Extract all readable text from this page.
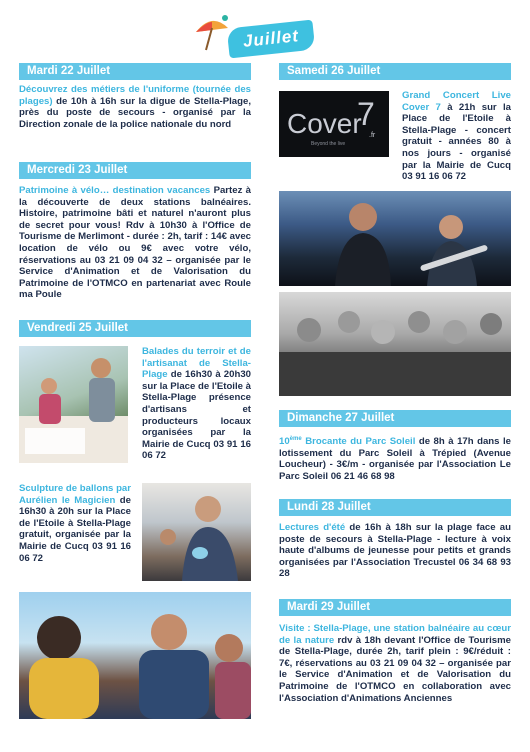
Juillet
Mardi 22 Juillet
Découvrez des métiers de l'uniforme (tournée des plages) de 10h à 16h sur la digue de Stella-Plage, près du poste de secours - organisé par la Direction zonale de la police nationale du nord
Mercredi 23 Juillet
Patrimoine à vélo… destination vacances Partez à la découverte de deux stations balnéaires. Histoire, patrimoine bâti et naturel n'auront plus de secret pour vous! Rdv à 10h30 à l'Office de Tourisme de Merlimont - durée : 2h, tarif : 14€ avec location de vélo ou 9€ avec votre vélo, réservations au 03 21 09 04 32 – organisée par le Service d'Animation et de Valorisation du Patrimoine de l'OTMCO en partenariat avec Roule ma Poule
Vendredi 25 Juillet
Balades du terroir et de l'artisanat de Stella-Plage de 16h30 à 20h30 sur la Place de l'Etoile à Stella-Plage présence d'artisans et producteurs locaux organisées par la Mairie de Cucq 03 91 16 06 72
Sculpture de ballons par Aurélien le Magicien de 16h30 à 20h sur la Place de l'Etoile à Stella-Plage gratuit, organisée par la Mairie de Cucq 03 91 16 06 72
Samedi 26 Juillet
Cover
7
.fr
Beyond the live
Grand Concert Live Cover 7 à 21h sur la Place de l'Etoile à Stella-Plage - concert gratuit - années 80 à nos jours - organisé par la Mairie de Cucq 03 91 16 06 72
Dimanche 27 Juillet
10ème Brocante du Parc Soleil de 8h à 17h dans le lotissement du Parc Soleil à Trépied (Avenue Loucheur) - 3€/m - organisée par l'Association Le Parc Soleil 06 21 46 68 98
Lundi 28 Juillet
Lectures d'été de 16h à 18h sur la plage face au poste de secours à Stella-Plage - lecture à voix haute d'albums de jeunesse pour petits et grands organisées par l'Association Trecustel 06 34 68 93 28
Mardi 29 Juillet
Visite : Stella-Plage, une station balnéaire au cœur de la nature rdv à 18h devant l'Office de Tourisme de Stella-Plage, durée 2h, tarif plein : 9€/réduit : 7€, réservations au 03 21 09 04 32 – organisée par le Service d'Animation et de Valorisation du Patrimoine de l'OTMCO en collaboration avec l'Association d'Animations Anciennes
